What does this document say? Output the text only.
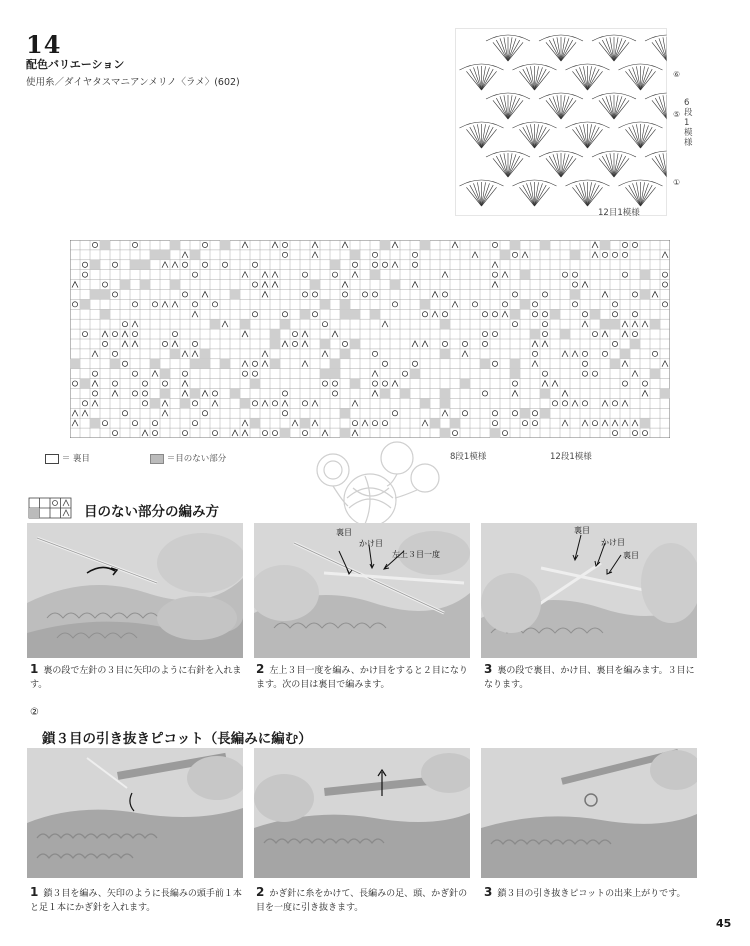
14
配色バリエーション
使用糸／ダイヤタスマニアンメリノ〈ラメ〉(602)
⑥
⑤
①
6段1模様
12目1模様
＝ 裏目	＝目のない部分	8段1模様	12段1模様
目のない部分の編み方
裏目
かけ目
左上３目一度
裏目
かけ目
裏目
1 裏の段で左針の３目に矢印のように右針を入れます。
2 左上３目一度を編み、かけ目をすると２目になります。次の目は裏目で編みます。
3 裏の段で裏目、かけ目、裏目を編みます。３目になります。
②
鎖３目の引き抜きピコット（長編みに編む）
1 鎖３目を編み、矢印のように長編みの頭手前１本と足１本にかぎ針を入れます。
2 かぎ針に糸をかけて、長編みの足、頭、かぎ針の目を一度に引き抜きます。
3 鎖３目の引き抜きピコットの出来上がりです。
45
